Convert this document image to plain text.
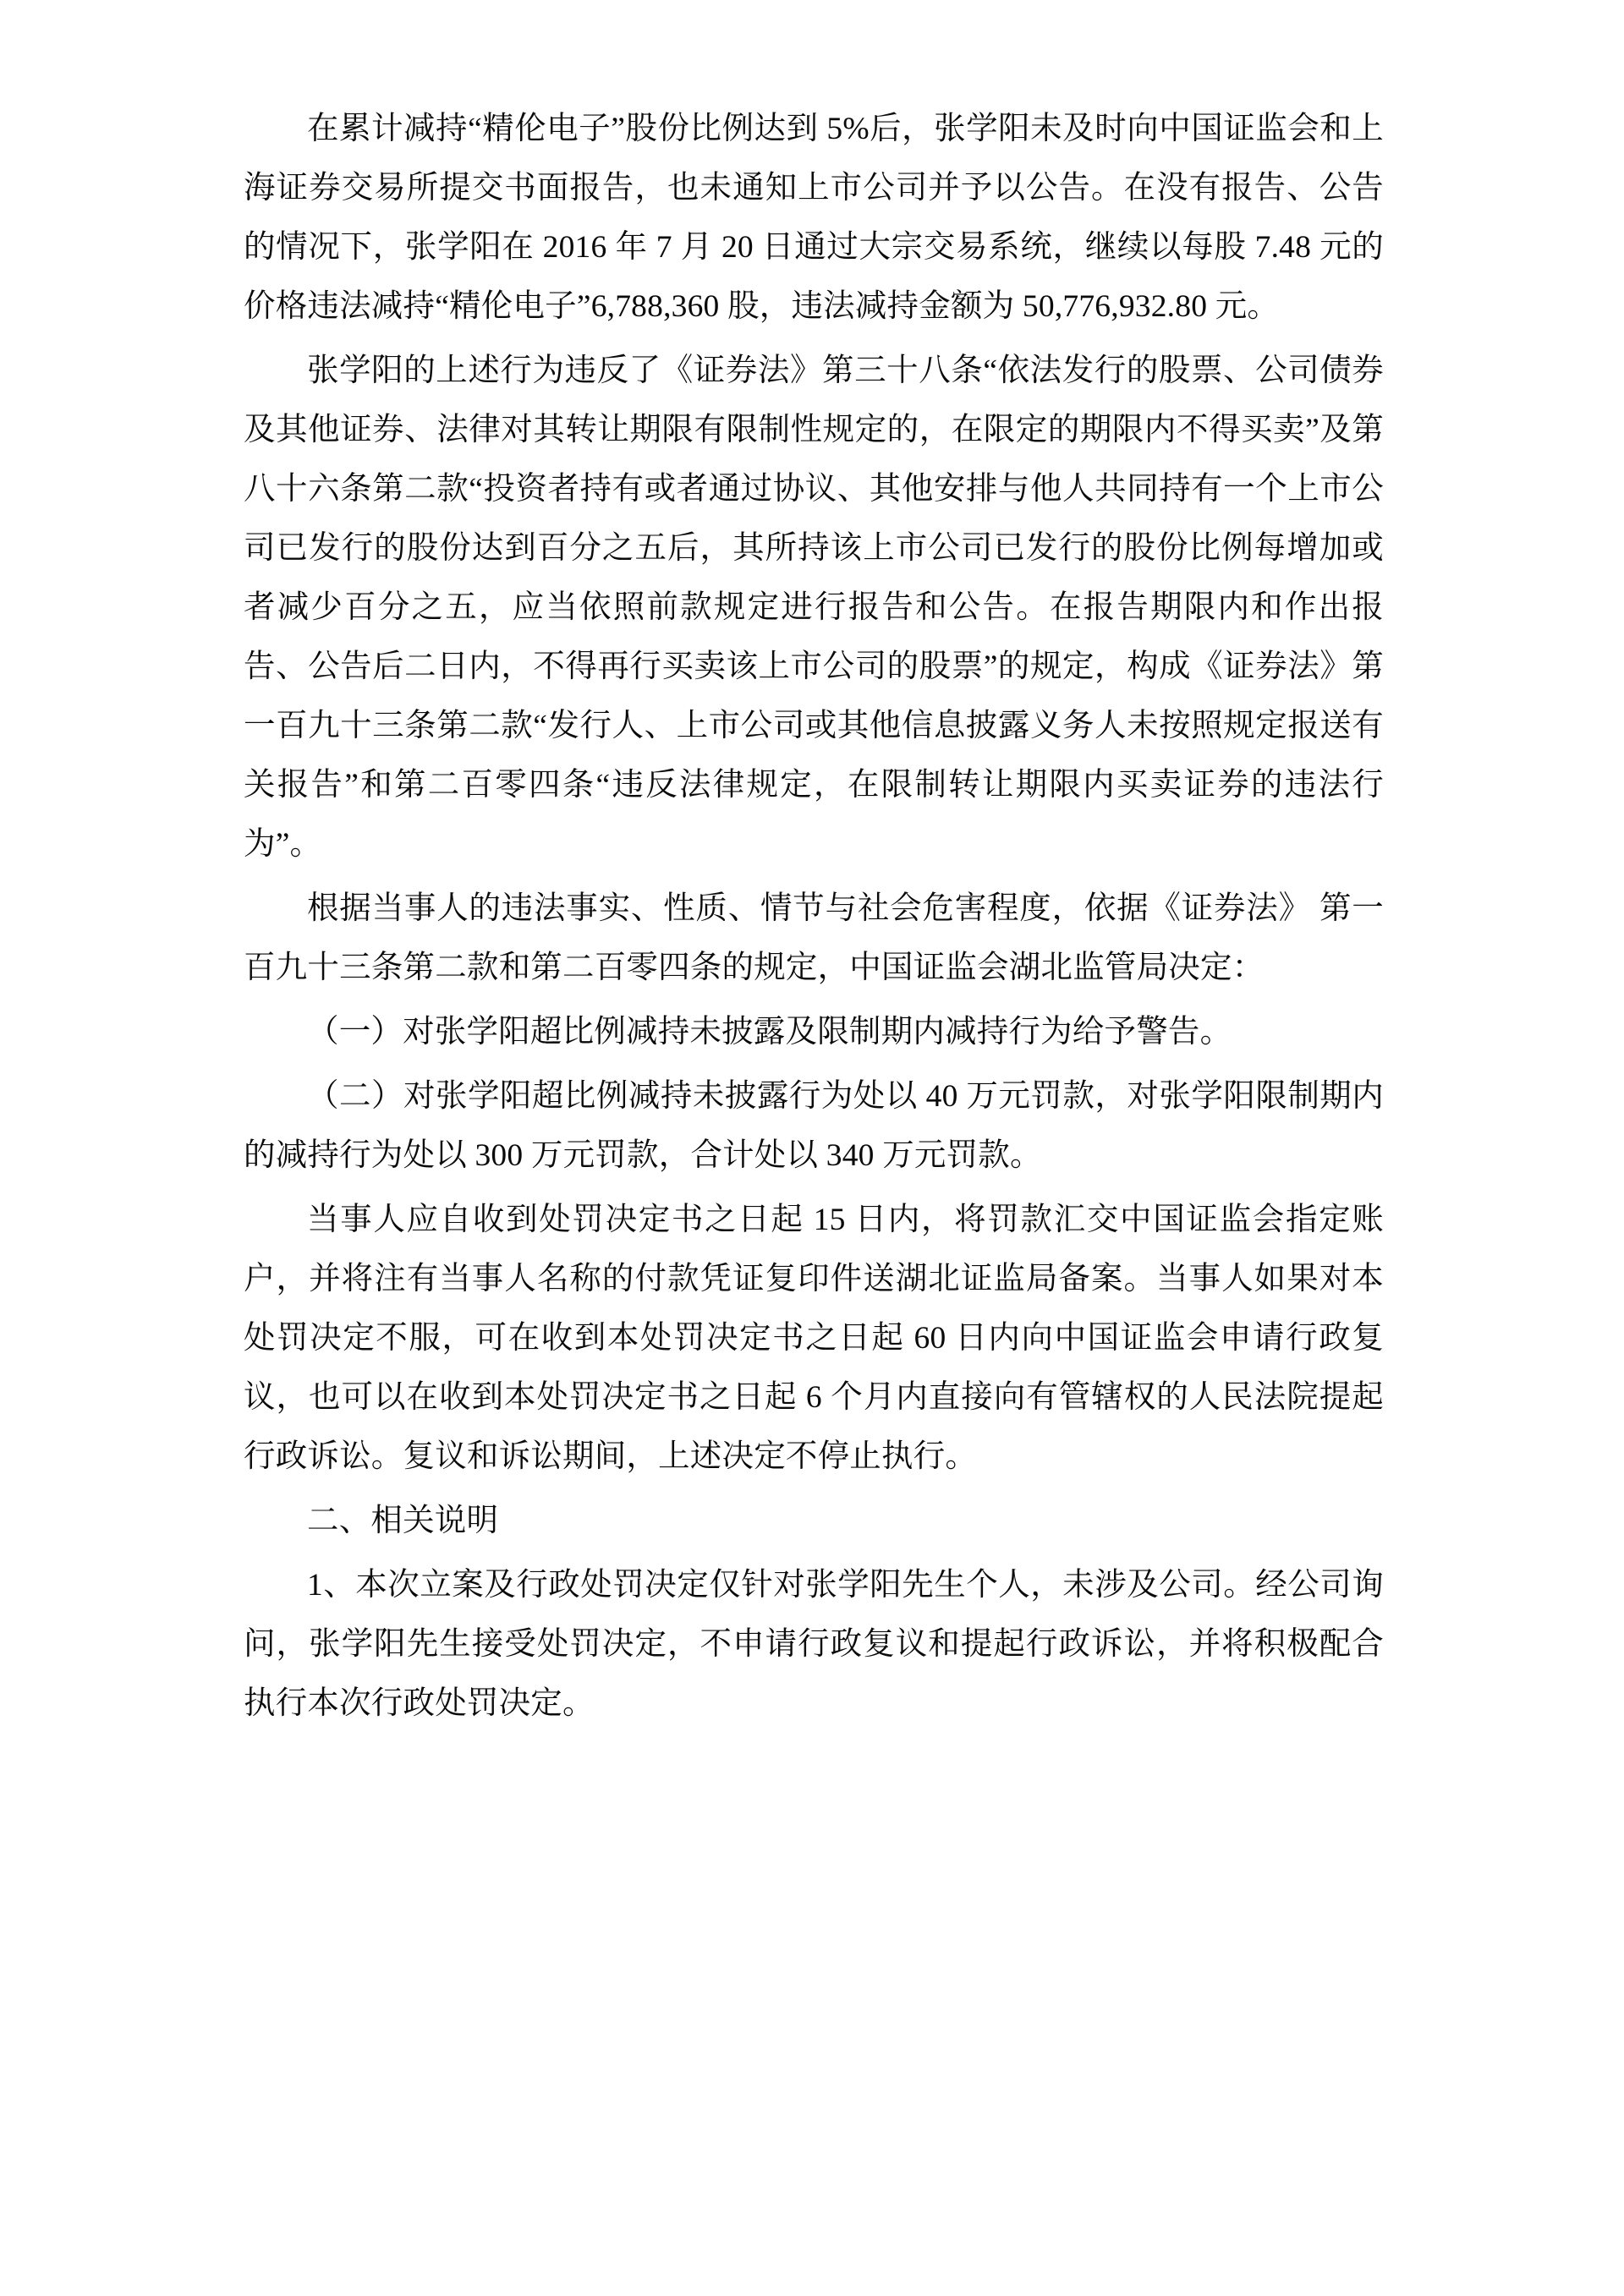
在累计减持“精伦电子”股份比例达到 5%后，张学阳未及时向中国证监会和上海证券交易所提交书面报告，也未通知上市公司并予以公告。在没有报告、公告的情况下，张学阳在 2016 年 7 月 20 日通过大宗交易系统，继续以每股 7.48 元的价格违法减持“精伦电子”6,788,360 股，违法减持金额为 50,776,932.80 元。

张学阳的上述行为违反了《证券法》第三十八条“依法发行的股票、公司债券及其他证券、法律对其转让期限有限制性规定的，在限定的期限内不得买卖”及第八十六条第二款“投资者持有或者通过协议、其他安排与他人共同持有一个上市公司已发行的股份达到百分之五后，其所持该上市公司已发行的股份比例每增加或者减少百分之五，应当依照前款规定进行报告和公告。在报告期限内和作出报告、公告后二日内，不得再行买卖该上市公司的股票”的规定，构成《证券法》第一百九十三条第二款“发行人、上市公司或其他信息披露义务人未按照规定报送有关报告”和第二百零四条“违反法律规定，在限制转让期限内买卖证券的违法行为”。

根据当事人的违法事实、性质、情节与社会危害程度，依据《证券法》 第一百九十三条第二款和第二百零四条的规定，中国证监会湖北监管局决定：

（一）对张学阳超比例减持未披露及限制期内减持行为给予警告。

（二）对张学阳超比例减持未披露行为处以 40 万元罚款，对张学阳限制期内的减持行为处以 300 万元罚款，合计处以 340 万元罚款。

当事人应自收到处罚决定书之日起 15 日内，将罚款汇交中国证监会指定账户，并将注有当事人名称的付款凭证复印件送湖北证监局备案。当事人如果对本处罚决定不服，可在收到本处罚决定书之日起 60 日内向中国证监会申请行政复议，也可以在收到本处罚决定书之日起 6 个月内直接向有管辖权的人民法院提起行政诉讼。复议和诉讼期间，上述决定不停止执行。

二、相关说明

1、本次立案及行政处罚决定仅针对张学阳先生个人，未涉及公司。经公司询问，张学阳先生接受处罚决定，不申请行政复议和提起行政诉讼，并将积极配合执行本次行政处罚决定。
